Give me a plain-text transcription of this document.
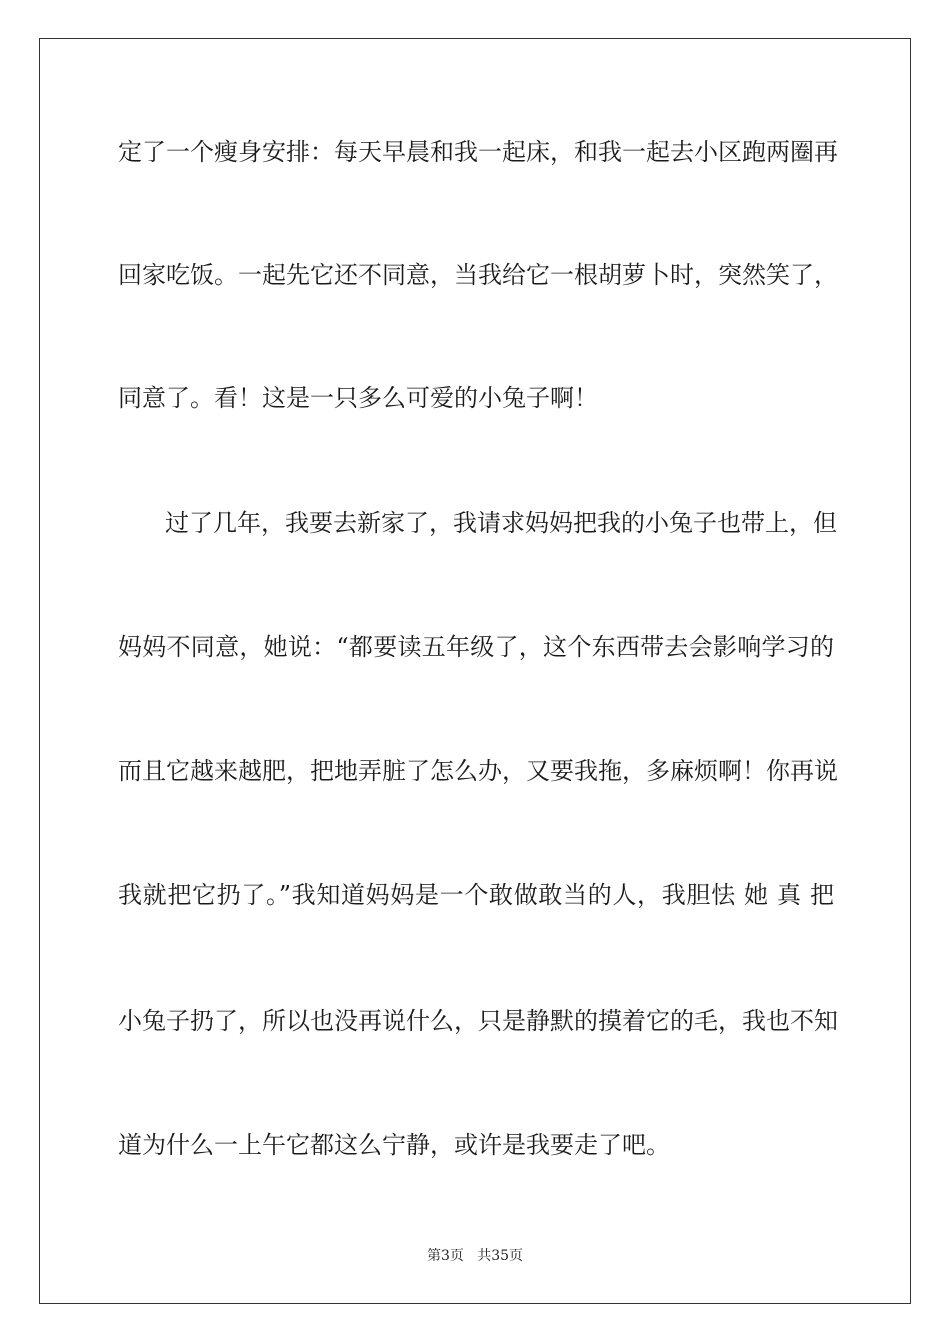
定了一个瘦身安排：每天早晨和我一起床，和我一起去小区跑两圈再
回家吃饭。一起先它还不同意，当我给它一根胡萝卜时，突然笑了，
同意了。看！这是一只多么可爱的小兔子啊！
过了几年，我要去新家了，我请求妈妈把我的小兔子也带上，但
妈妈不同意，她说：“都要读五年级了，这个东西带去会影响学习的
而且它越来越肥，把地弄脏了怎么办，又要我拖，多麻烦啊！你再说
我就把它扔了。”我知道妈妈是一个敢做敢当的人，我胆怯 她 真 把
小兔子扔了，所以也没再说什么，只是静默的摸着它的毛，我也不知
道为什么一上午它都这么宁静，或许是我要走了吧。
第3页   共35页
